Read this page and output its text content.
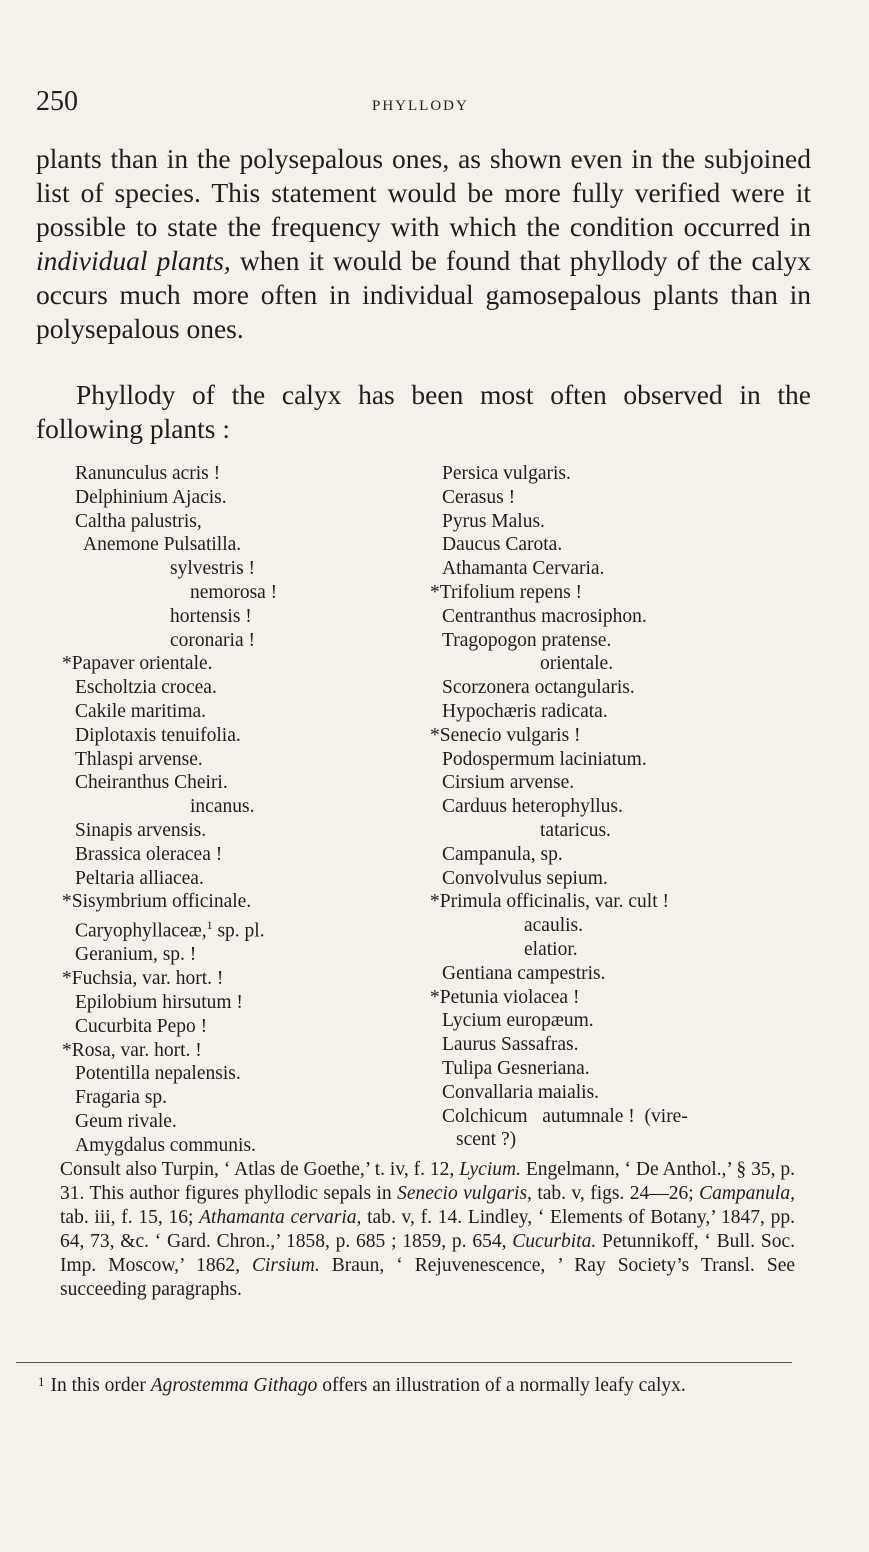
250	PHYLLODY

plants than in the polysepalous ones, as shown even in the subjoined list of species. This statement would be more fully verified were it possible to state the frequency with which the condition occurred in individual plants, when it would be found that phyllody of the calyx occurs much more often in individual gamosepalous plants than in polysepalous ones.

Phyllody of the calyx has been most often observed in the following plants :

Ranunculus acris !
Delphinium Ajacis.
Caltha palustris,
Anemone Pulsatilla.
sylvestris !
nemorosa !
hortensis !
coronaria !
*Papaver orientale.
Escholtzia crocea.
Cakile maritima.
Diplotaxis tenuifolia.
Thlaspi arvense.
Cheiranthus Cheiri.
incanus.
Sinapis arvensis.
Brassica oleracea !
Peltaria alliacea.
*Sisymbrium officinale.
Caryophyllaceæ,$^1$ sp. pl.
Geranium, sp. !
*Fuchsia, var. hort. !
Epilobium hirsutum !
Cucurbita Pepo !
*Rosa, var. hort. !
Potentilla nepalensis.
Fragaria sp.
Geum rivale.
Amygdalus communis.
Persica vulgaris.
Cerasus !
Pyrus Malus.
Daucus Carota.
Athamanta Cervaria.
*Trifolium repens !
Centranthus macrosiphon.
Tragopogon pratense.
orientale.
Scorzonera octangularis.
Hypochæris radicata.
*Senecio vulgaris !
Podospermum laciniatum.
Cirsium arvense.
Carduus heterophyllus.
tataricus.
Campanula, sp.
Convolvulus sepium.
*Primula officinalis, var. cult !
acaulis.
elatior.
Gentiana campestris.
*Petunia violacea !
Lycium europæum.
Laurus Sassafras.
Tulipa Gesneriana.
Convallaria maialis.
Colchicum   autumnale !  (vire-
scent ?)

Consult also Turpin, ‘ Atlas de Goethe,’ t. iv, f. 12, Lycium. Engelmann, ‘ De Anthol.,’ § 35, p. 31. This author figures phyllodic sepals in Senecio vulgaris, tab. v, figs. 24—26; Campanula, tab. iii, f. 15, 16; Athamanta cervaria, tab. v, f. 14. Lindley, ‘ Elements of Botany,’ 1847, pp. 64, 73, &c. ‘ Gard. Chron.,’ 1858, p. 685 ; 1859, p. 654, Cucurbita. Petunnikoff, ‘ Bull. Soc. Imp. Moscow,’ 1862, Cirsium. Braun, ‘ Rejuvenescence, ’ Ray Society’s Transl. See succeeding paragraphs.

$^1$ In this order Agrostemma Githago offers an illustration of a normally leafy calyx.
